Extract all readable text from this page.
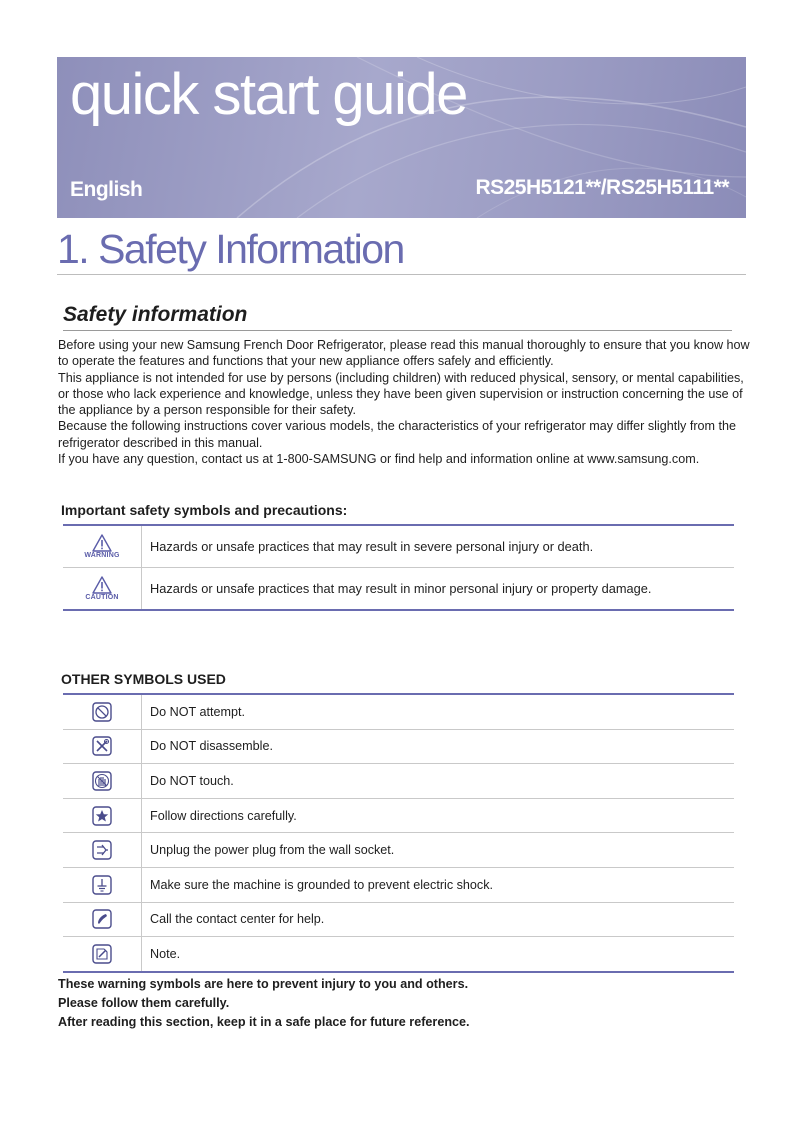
quick start guide
English	RS25H5121**/RS25H5111**
1. Safety Information
Safety information

Before using your new Samsung French Door Refrigerator, please read this manual thoroughly to ensure that you know how to operate the features and functions that your new appliance offers safely and efficiently.

This appliance is not intended for use by persons (including children) with reduced physical, sensory, or mental capabilities, or those who lack experience and knowledge, unless they have been given supervision or instruction concerning the use of the appliance by a person responsible for their safety.

Because the following instructions cover various models, the characteristics of your refrigerator may differ slightly from the refrigerator described in this manual.

If you have any question, contact us at 1-800-SAMSUNG or find help and information online at www.samsung.com.

Important safety symbols and precautions:
WARNING
Hazards or unsafe practices that may result in severe personal injury or death.
CAUTION
Hazards or unsafe practices that may result in minor personal injury or property damage.
OTHER SYMBOLS USED
Do NOT attempt.
Do NOT disassemble.
Do NOT touch.
Follow directions carefully.
Unplug the power plug from the wall socket.
Make sure the machine is grounded to prevent electric shock.
Call the contact center for help.
Note.

These warning symbols are here to prevent injury to you and others.

Please follow them carefully.

After reading this section, keep it in a safe place for future reference.
